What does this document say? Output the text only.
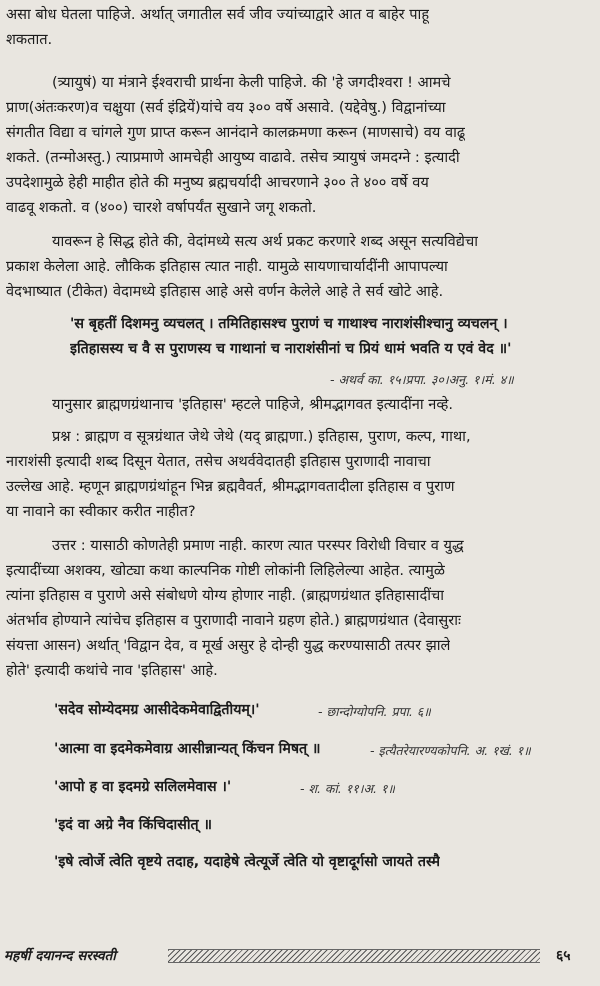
असा बोध घेतला पाहिजे. अर्थात् जगातील सर्व जीव ज्यांच्याद्वारे आत व बाहेर पाहू
शकतात.
(त्र्यायुषं) या मंत्राने ईश्वराची प्रार्थना केली पाहिजे. की 'हे जगदीश्वरा ! आमचे
प्राण(अंतःकरण)व चक्षुया (सर्व इंद्रियें)यांचे वय ३०० वर्षे असावे. (यद्देवेषु.) विद्वानांच्या
संगतीत विद्या व चांगले गुण प्राप्त करून आनंदाने कालक्रमणा करून (माणसाचे) वय वाढू
शकते. (तन्मोअस्तु.) त्याप्रमाणे आमचेही आयुष्य वाढावे. तसेच त्र्यायुषं जमदग्ने : इत्यादी
उपदेशामुळे हेही माहीत होते की मनुष्य ब्रह्मचर्यादी आचरणाने ३०० ते ४०० वर्षे वय
वाढवू शकतो. व (४००) चारशे वर्षापर्यंत सुखाने जगू शकतो.
यावरून हे सिद्ध होते की, वेदांमध्ये सत्य अर्थ प्रकट करणारे शब्द असून सत्यविद्येचा
प्रकाश केलेला आहे. लौकिक इतिहास त्यात नाही. यामुळे सायणाचार्यादींनी आपापल्या
वेदभाष्यात (टीकेत) वेदामध्ये इतिहास आहे असे वर्णन केलेले आहे ते सर्व खोटे आहे.
'स बृहतीं दिशमनु व्यचलत् । तमितिहासश्च पुराणं च गाथाश्च नाराशंसीश्चानु व्यचलन् ।
इतिहासस्य च वै स पुराणस्य च गाथानां च नाराशंसीनां च प्रियं धामं भवति य एवं वेद ॥'
- अथर्व का. १५।प्रपा. ३०।अनु. १।मं. ४॥
यानुसार ब्राह्मणग्रंथानाच 'इतिहास' म्हटले पाहिजे, श्रीमद्भागवत इत्यादींना नव्हे.
प्रश्न : ब्राह्मण व सूत्रग्रंथात जेथे जेथे (यद् ब्राह्मणा.) इतिहास, पुराण, कल्प, गाथा,
नाराशंसी इत्यादी शब्द दिसून येतात, तसेच अथर्ववेदातही इतिहास पुराणादी नावाचा
उल्लेख आहे. म्हणून ब्राह्मणग्रंथांहून भिन्न ब्रह्मवैवर्त, श्रीमद्भागवतादीला इतिहास व पुराण
या नावाने का स्वीकार करीत नाहीत?
उत्तर : यासाठी कोणतेही प्रमाण नाही. कारण त्यात परस्पर विरोधी विचार व युद्ध
इत्यादींच्या अशक्य, खोट्या कथा काल्पनिक गोष्टी लोकांनी लिहिलेल्या आहेत. त्यामुळे
त्यांना इतिहास व पुराणे असे संबोधणे योग्य होणार नाही. (ब्राह्मणग्रंथात इतिहासादींचा
अंतर्भाव होण्याने त्यांचेच इतिहास व पुराणादी नावाने ग्रहण होते.) ब्राह्मणग्रंथात (देवासुराः
संयत्ता आसन) अर्थात् 'विद्वान देव, व मूर्ख असुर हे दोन्ही युद्ध करण्यासाठी तत्पर झाले
होते' इत्यादी कथांचे नाव 'इतिहास' आहे.
'सदेव सोम्येदमग्र आसीदेकमेवाद्वितीयम्।'	- छान्दोग्योपनि. प्रपा. ६॥
'आत्मा वा इदमेकमेवाग्र आसीन्नान्यत् किंचन मिषत् ॥	- इत्यैतरेयारण्यकोपनि. अ. १खं. १॥
'आपो ह वा इदमग्रे सलिलमेवास ।'	- श. कां. ११।अ. १॥
'इदं वा अग्रे नैव किंचिदासीत् ॥
'इषे त्वोर्जे त्वेति वृष्टये तदाह, यदाहेषे त्वेत्यूर्जे त्वेति यो वृष्टादूर्गसो जायते तस्मै
महर्षी दयानन्द सरस्वती	६५
